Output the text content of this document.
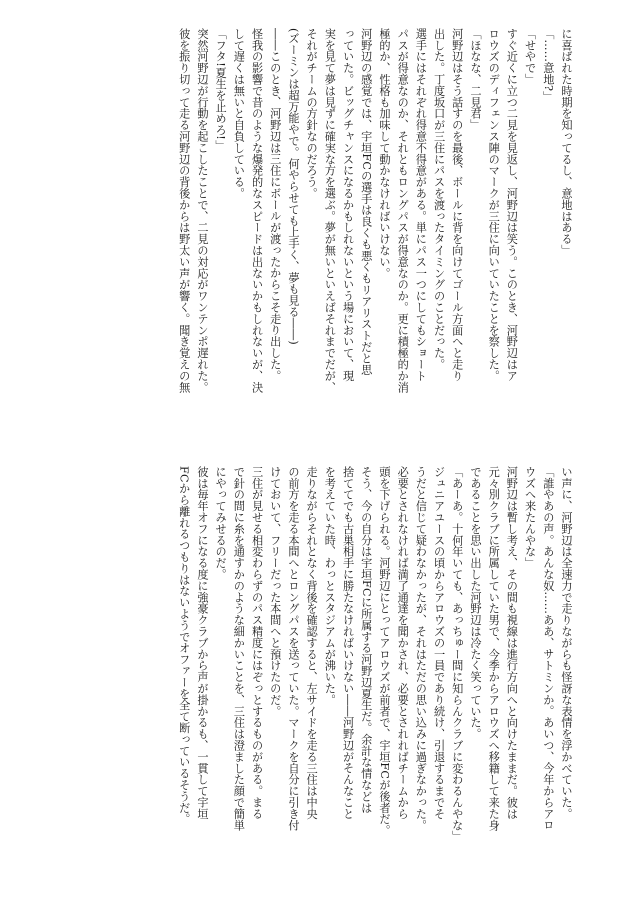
に喜ばれた時期を知ってるし、意地はある」
「……意地?」
「せやで」
すぐ近くに立つ二見を見返し、河野辺は笑う。このとき、河野辺はア
ロウズのディフェンス陣のマークが三住に向いていたことを察した。
「ほなな、二見君」
河野辺はそう話すのを最後、ボールに背を向けてゴール方面へと走り
出した。丁度坂口が三住にパスを渡ったタイミングのことだった。
選手にはそれぞれ得意不得意がある。単にパス一つにしてもショート
パスが得意なのか、それともロングパスが得意なのか。更に積極的か消
極的か、性格も加味して動かなければいけない。
河野辺の感覚では、宇垣FCの選手は良くも悪くもリアリストだと思
っていた。ビッグチャンスになるかもしれないという場において、現
実を見て夢は見ずに確実な方を選ぶ。夢が無いといえばそれまでだが、
それがチームの方針なのだろう。
(ズーミンは超万能やで。何やらせても上手く、夢も見る――)
――このとき、河野辺は三住にボールが渡ったからこそ走り出した。
怪我の影響で昔のような爆発的なスピードは出ないかもしれないが、決
して遅くは無いと自負している。
「フタ!夏生を止めろ!」
突然河野辺が行動を起こしたことで、二見の対応がワンテンポ遅れた。
彼を振り切って走る河野辺の背後からは野太い声が響く。聞き覚えの無
い声に、河野辺は全速力で走りながらも怪訝な表情を浮かべていた。
「誰やあの声。あんな奴……ああ、サトミンか。あいつ、今年からアロ
ウズへ来たんやな」
河野辺は暫し考え、その間も視線は進行方向へと向けたままだ。彼は
元々別クラブに所属していた男で、今季からアロウズへ移籍して来た身
であることを思い出した河野辺は冷たく笑っていた。
「あーあ。十何年いても、あっちゅー間に知らんクラブに変わるんやな」
ジュニアユースの頃からアロウズの一員であり続け、引退するまでそ
うだと信じて疑わなかったが、それはただの思い込みに過ぎなかった。
必要とされなければ満了通達を聞かされ、必要とされればチームから
頭を下げられる。河野辺にとってアロウズが前者で、宇垣FCが後者だ。
そう、今の自分は宇垣FCに所属する河野辺夏生だ。余計な情などは
捨ててでも古巣相手に勝たなければいけない――河野辺がそんなこと
を考えていた時、わっとスタジアムが沸いた。
走りながらそれとなく背後を確認すると、左サイドを走る三住は中央
の前方を走る本間へとロングパスを送っていた。マークを自分に引き付
けておいて、フリーだった本間へと預けたのだ。
三住が見せる相変わらずのパス精度にはぞっとするものがある。まる
で針の間に糸を通すかのような細かいことを、三住は澄ました顔で簡単
にやってみせるのだ。
彼は毎年オフになる度に強豪クラブから声が掛かるも、一貫して宇垣
FCから離れるつもりはないようでオファーを全て断っているそうだ。
